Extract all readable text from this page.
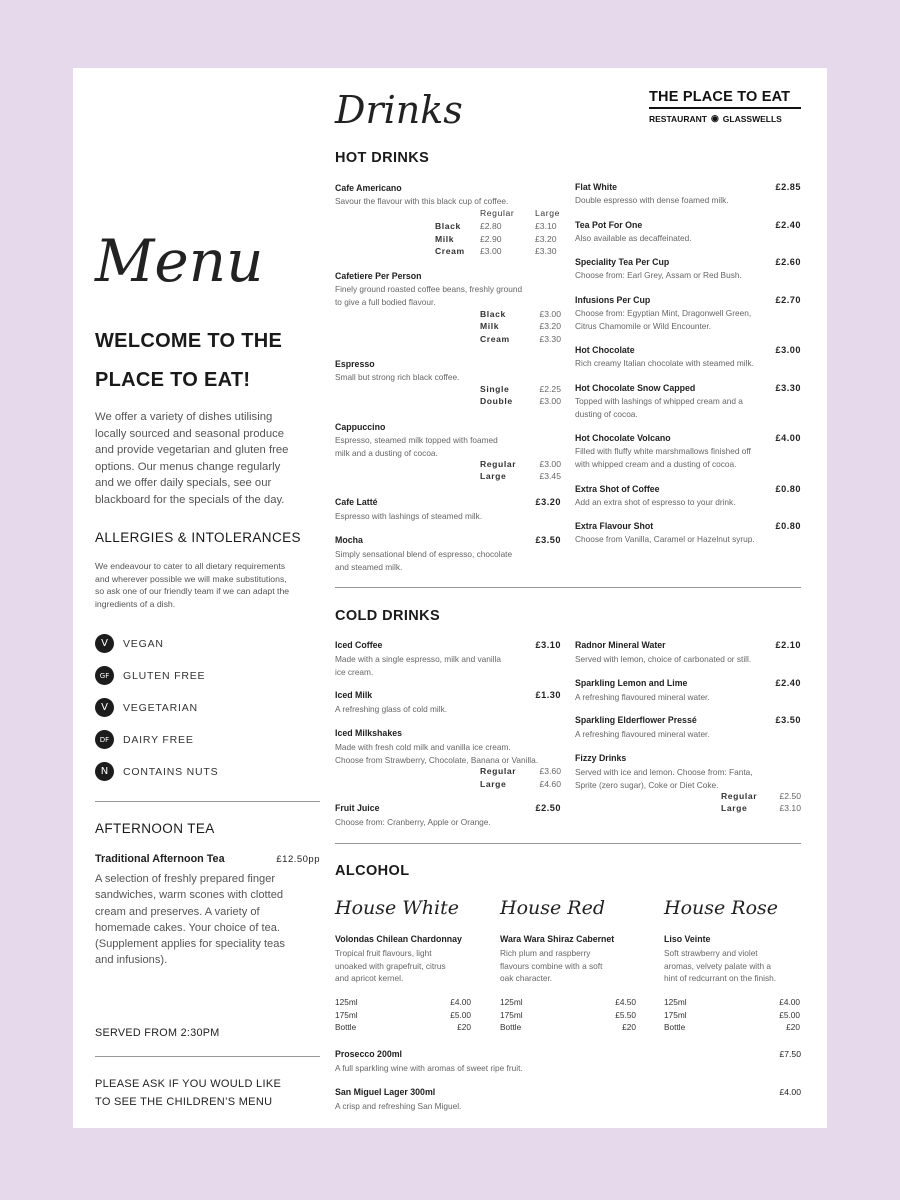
THE PLACE TO EAT
RESTAURANT ◉ GLASSWELLS
Menu
WELCOME TO THE
PLACE TO EAT!
We offer a variety of dishes utilising
locally sourced and seasonal produce
and provide vegetarian and gluten free
options. Our menus change regularly
and we offer daily specials, see our
blackboard for the specials of the day.
ALLERGIES & INTOLERANCES
We endeavour to cater to all dietary requirements
and wherever possible we will make substitutions,
so ask one of our friendly team if we can adapt the
ingredients of a dish.
V	VEGAN
GF	GLUTEN FREE
V	VEGETARIAN
DF	DAIRY FREE
N	CONTAINS NUTS
AFTERNOON TEA
Traditional Afternoon Tea	£12.50pp
A selection of freshly prepared finger
sandwiches, warm scones with clotted
cream and preserves. A variety of
homemade cakes. Your choice of tea.
(Supplement applies for speciality teas
and infusions).
SERVED FROM 2:30PM
PLEASE ASK IF YOU WOULD LIKE
TO SEE THE CHILDREN’S MENU
Drinks
HOT DRINKS
Cafe Americano
Savour the flavour with this black cup of coffee.
Regular Large
Black £2.80	£3.10
Milk	£2.90	£3.20
Cream £3.00	£3.30
Cafetiere Per Person
Finely ground roasted coffee beans, freshly ground
to give a full bodied flavour.
Black	£3.00
Milk	£3.20
Cream	£3.30
Espresso
Small but strong rich black coffee.
Single	£2.25
Double	£3.00
Cappuccino
Espresso, steamed milk topped with foamed
milk and a dusting of cocoa.
Regular	£3.00
Large	£3.45
Cafe Latté	£3.20
Espresso with lashings of steamed milk.
Mocha	£3.50
Simply sensational blend of espresso, chocolate
and steamed milk.
Flat White	£2.85
Double espresso with dense foamed milk.
Tea Pot For One	£2.40
Also available as decaffeinated.
Speciality Tea Per Cup	£2.60
Choose from: Earl Grey, Assam or Red Bush.
Infusions Per Cup	£2.70
Choose from: Egyptian Mint, Dragonwell Green,
Citrus Chamomile or Wild Encounter.
Hot Chocolate	£3.00
Rich creamy Italian chocolate with steamed milk.
Hot Chocolate Snow Capped	£3.30
Topped with lashings of whipped cream and a
dusting of cocoa.
Hot Chocolate Volcano	£4.00
Filled with fluffy white marshmallows finished off
with whipped cream and a dusting of cocoa.
Extra Shot of Coffee	£0.80
Add an extra shot of espresso to your drink.
Extra Flavour Shot	£0.80
Choose from Vanilla, Caramel or Hazelnut syrup.
COLD DRINKS
Iced Coffee	£3.10
Made with a single espresso, milk and vanilla
ice cream.
Iced Milk	£1.30
A refreshing glass of cold milk.
Iced Milkshakes
Made with fresh cold milk and vanilla ice cream.
Choose from Strawberry, Chocolate, Banana or Vanilla.
Regular	£3.60
Large	£4.60
Fruit Juice	£2.50
Choose from: Cranberry, Apple or Orange.
Radnor Mineral Water	£2.10
Served with lemon, choice of carbonated or still.
Sparkling Lemon and Lime	£2.40
A refreshing flavoured mineral water.
Sparkling Elderflower Pressé	£3.50
A refreshing flavoured mineral water.
Fizzy Drinks
Served with ice and lemon. Choose from: Fanta,
Sprite (zero sugar), Coke or Diet Coke.
Regular	£2.50
Large	£3.10
ALCOHOL
House White
Volondas Chilean Chardonnay
Tropical fruit flavours, light
unoaked with grapefruit, citrus
and apricot kernel.
125ml	£4.00
175ml	£5.00
Bottle	£20
House Red
Wara Wara Shiraz Cabernet
Rich plum and raspberry
flavours combine with a soft
oak character.
125ml	£4.50
175ml	£5.50
Bottle	£20
House Rose
Liso Veinte
Soft strawberry and violet
aromas, velvety palate with a
hint of redcurrant on the finish.
125ml	£4.00
175ml	£5.00
Bottle	£20
Prosecco 200ml	£7.50
A full sparkling wine with aromas of sweet ripe fruit.
San Miguel Lager 300ml	£4.00
A crisp and refreshing San Miguel.
